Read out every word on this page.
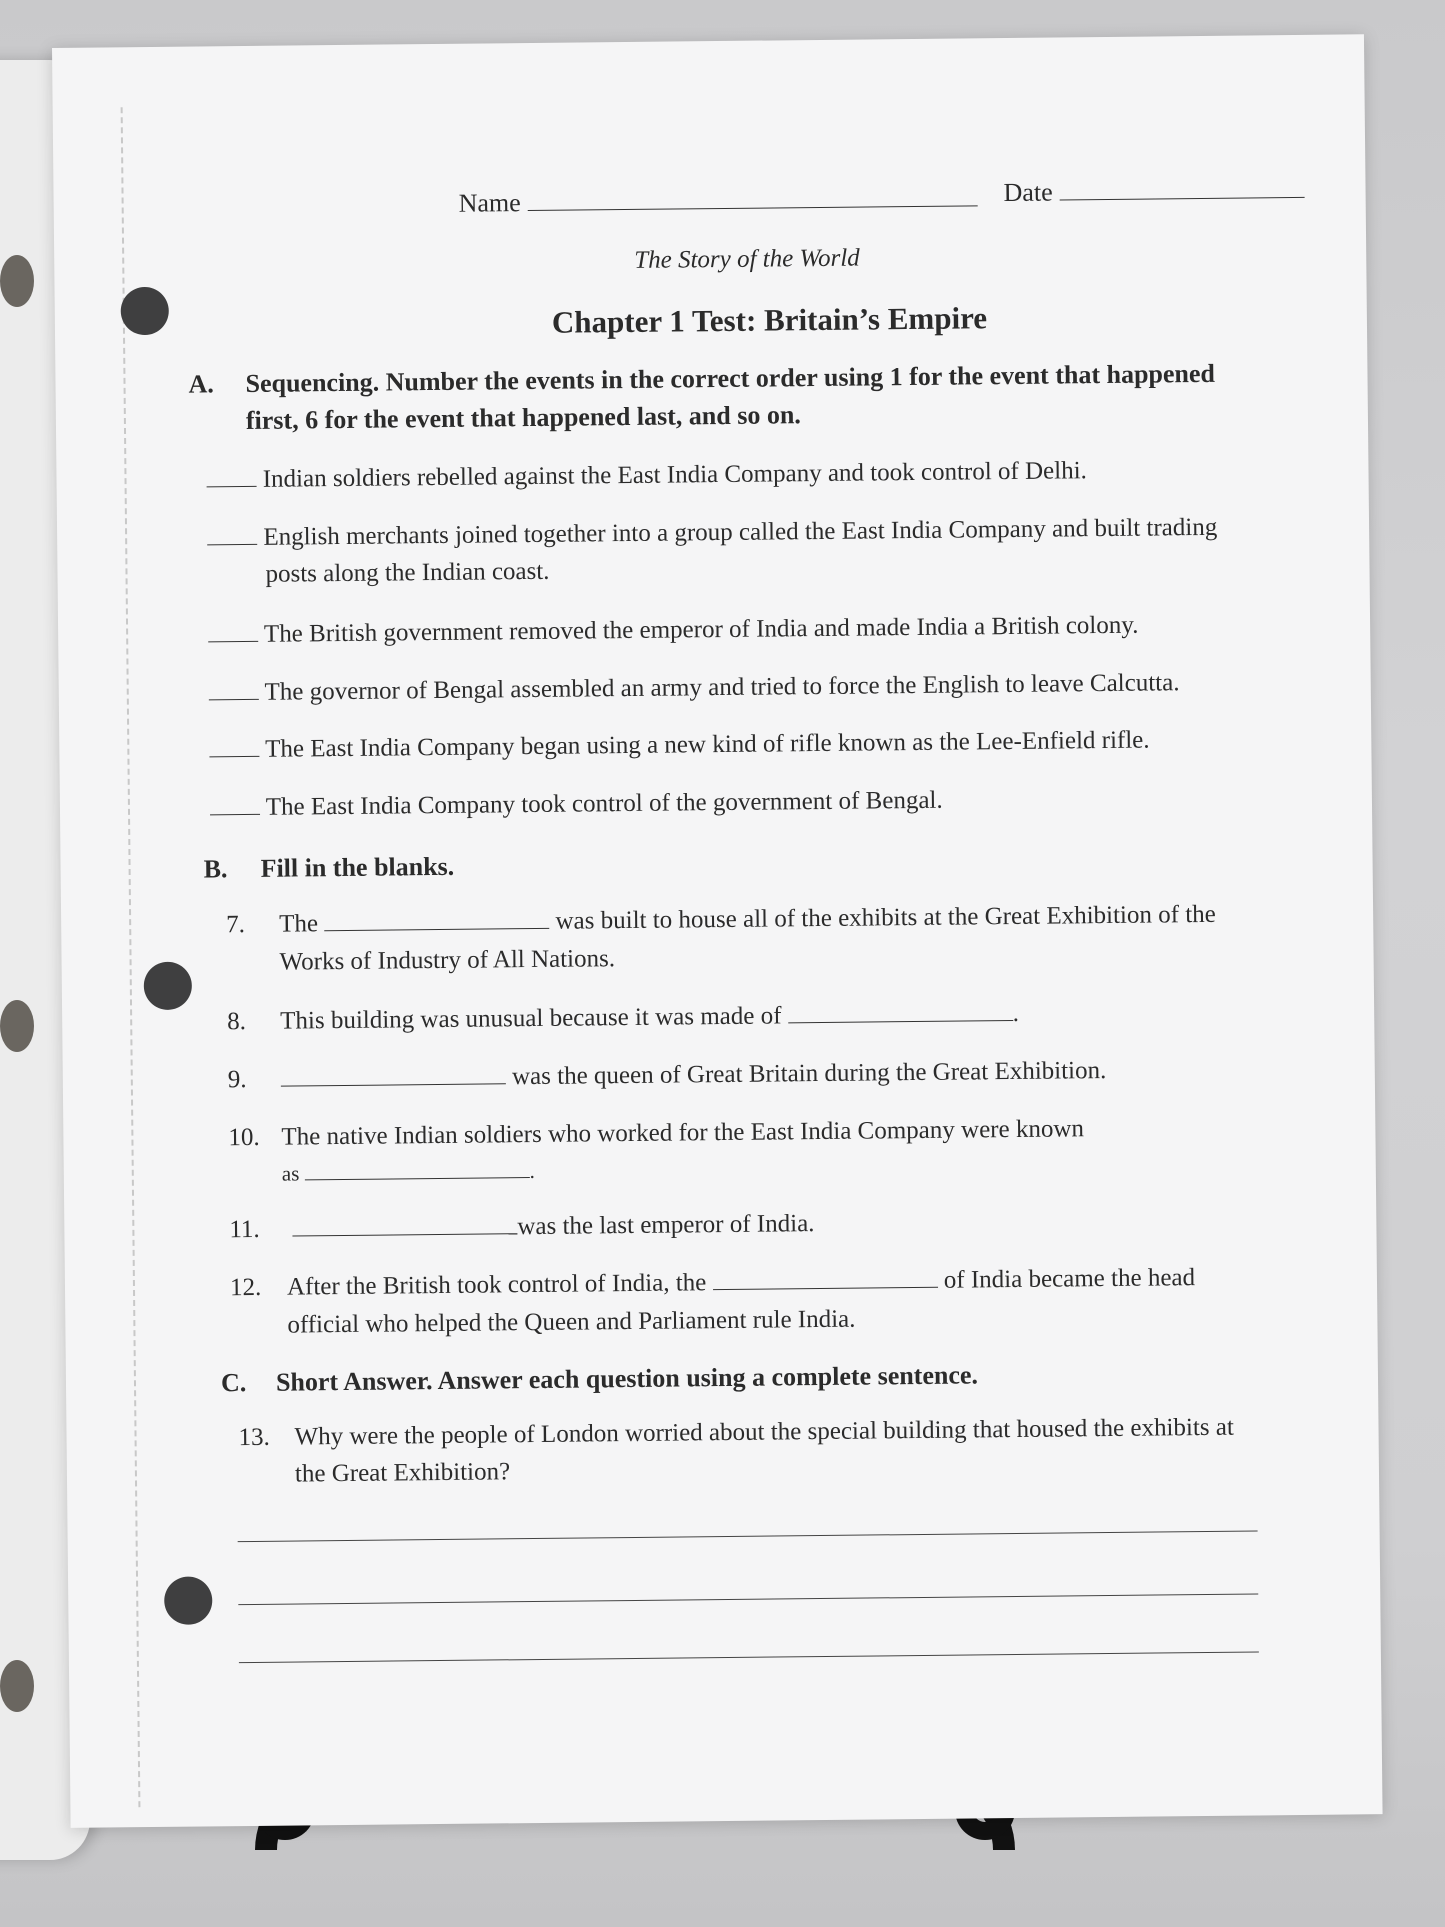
Name	Date
The Story of the World
Chapter 1 Test: Britain’s Empire
A. Sequencing. Number the events in the correct order using 1 for the event that happened
first, 6 for the event that happened last, and so on.
Indian soldiers rebelled against the East India Company and took control of Delhi.
English merchants joined together into a group called the East India Company and built trading
posts along the Indian coast.
The British government removed the emperor of India and made India a British colony.
The governor of Bengal assembled an army and tried to force the English to leave Calcutta.
The East India Company began using a new kind of rifle known as the Lee-Enfield rifle.
The East India Company took control of the government of Bengal.
B. Fill in the blanks.
7. The	was built to house all of the exhibits at the Great Exhibition of the
Works of Industry of All Nations.
8. This building was unusual because it was made of	.
9.	was the queen of Great Britain during the Great Exhibition.
10. The native Indian soldiers who worked for the East India Company were known
as	.
11.	was the last emperor of India.
12. After the British took control of India, the	of India became the head
official who helped the Queen and Parliament rule India.
C. Short Answer. Answer each question using a complete sentence.
13. Why were the people of London worried about the special building that housed the exhibits at
the Great Exhibition?
